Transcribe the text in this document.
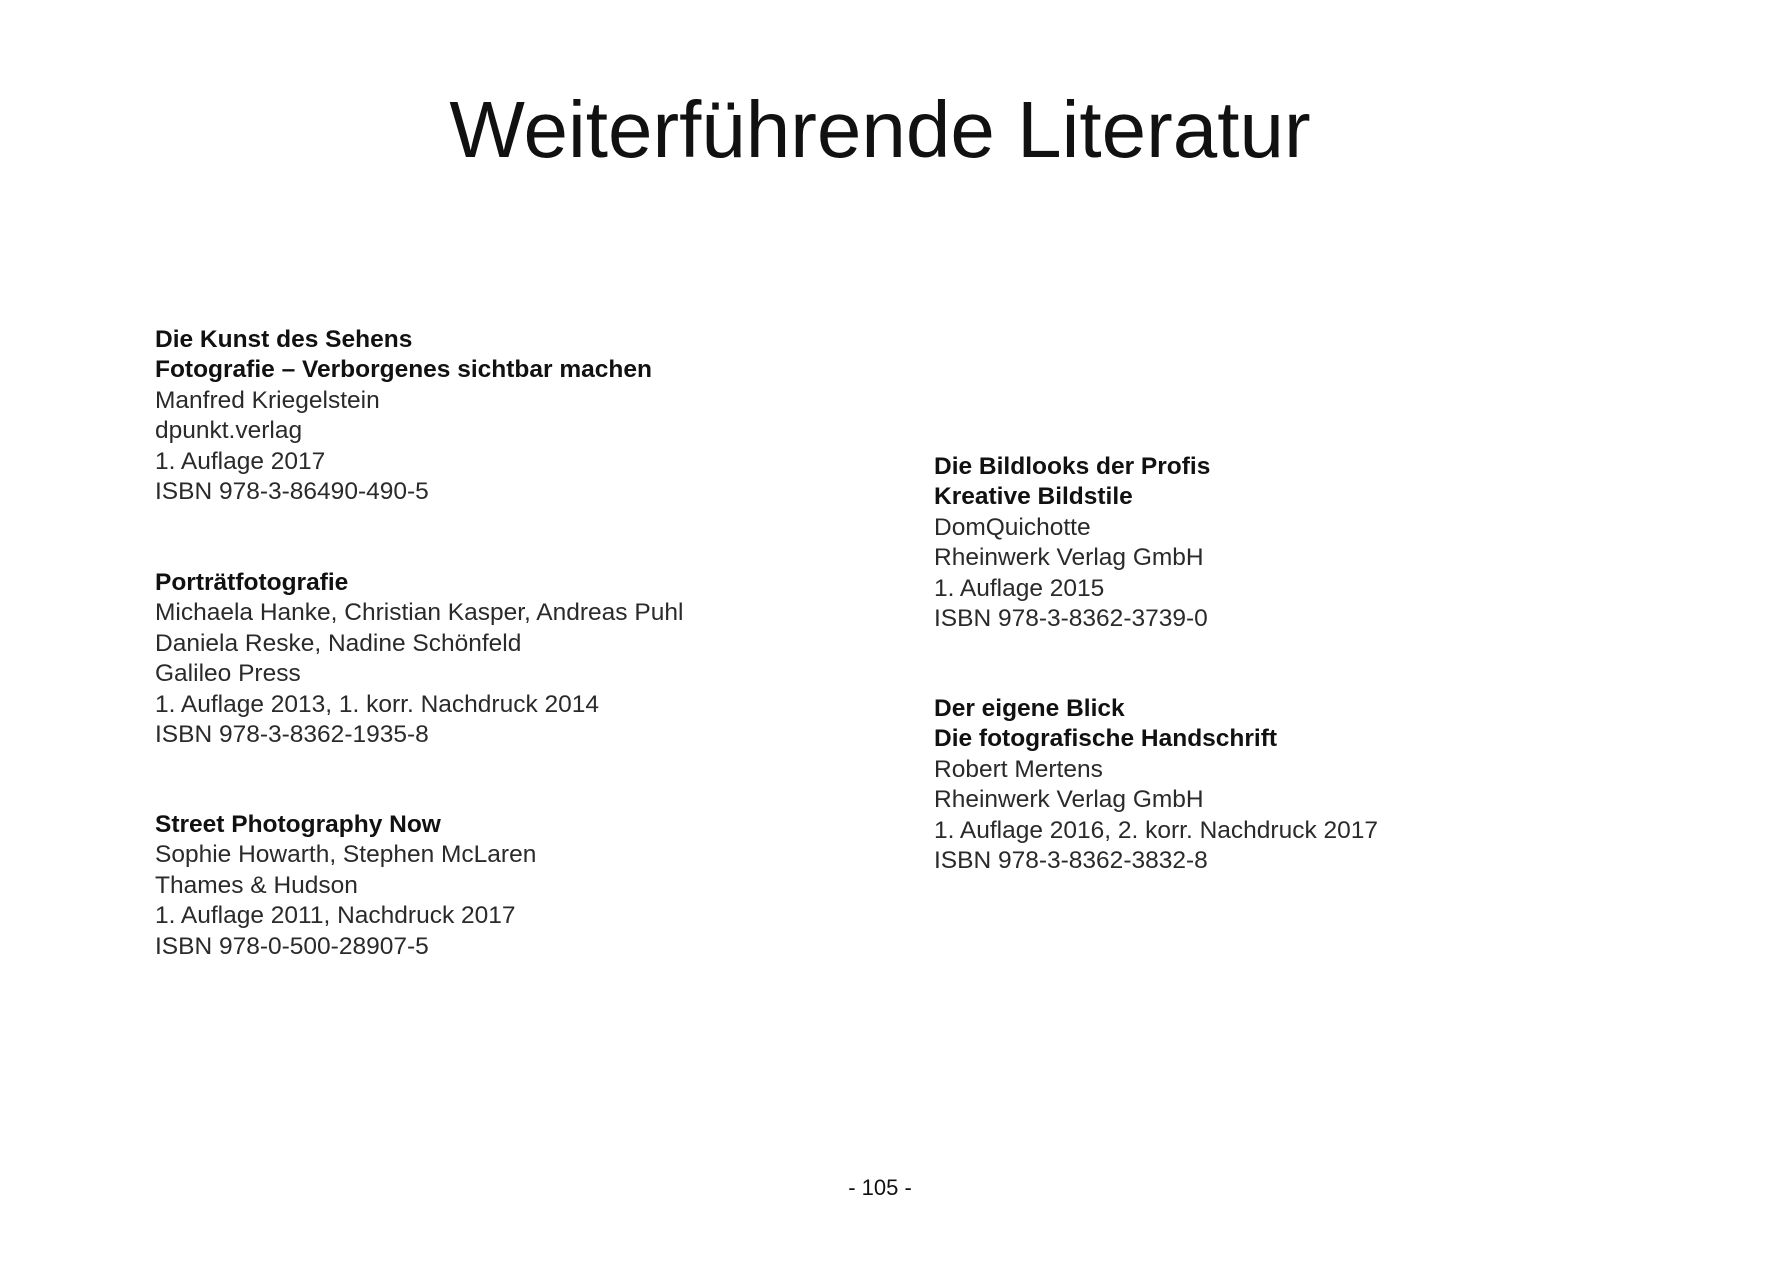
Weiterführende Literatur
Die Kunst des Sehens
Fotografie – Verborgenes sichtbar machen
Manfred Kriegelstein
dpunkt.verlag
1. Auflage 2017
ISBN 978-3-86490-490-5
Porträtfotografie
Michaela Hanke, Christian Kasper, Andreas Puhl
Daniela Reske, Nadine Schönfeld
Galileo Press
1. Auflage 2013, 1. korr. Nachdruck 2014
ISBN 978-3-8362-1935-8
Street Photography Now
Sophie Howarth, Stephen McLaren
Thames & Hudson
1. Auflage 2011, Nachdruck 2017
ISBN 978-0-500-28907-5
Die Bildlooks der Profis
Kreative Bildstile
DomQuichotte
Rheinwerk Verlag GmbH
1. Auflage 2015
ISBN 978-3-8362-3739-0
Der eigene Blick
Die fotografische Handschrift
Robert Mertens
Rheinwerk Verlag GmbH
1. Auflage 2016, 2. korr. Nachdruck 2017
ISBN 978-3-8362-3832-8
- 105 -
